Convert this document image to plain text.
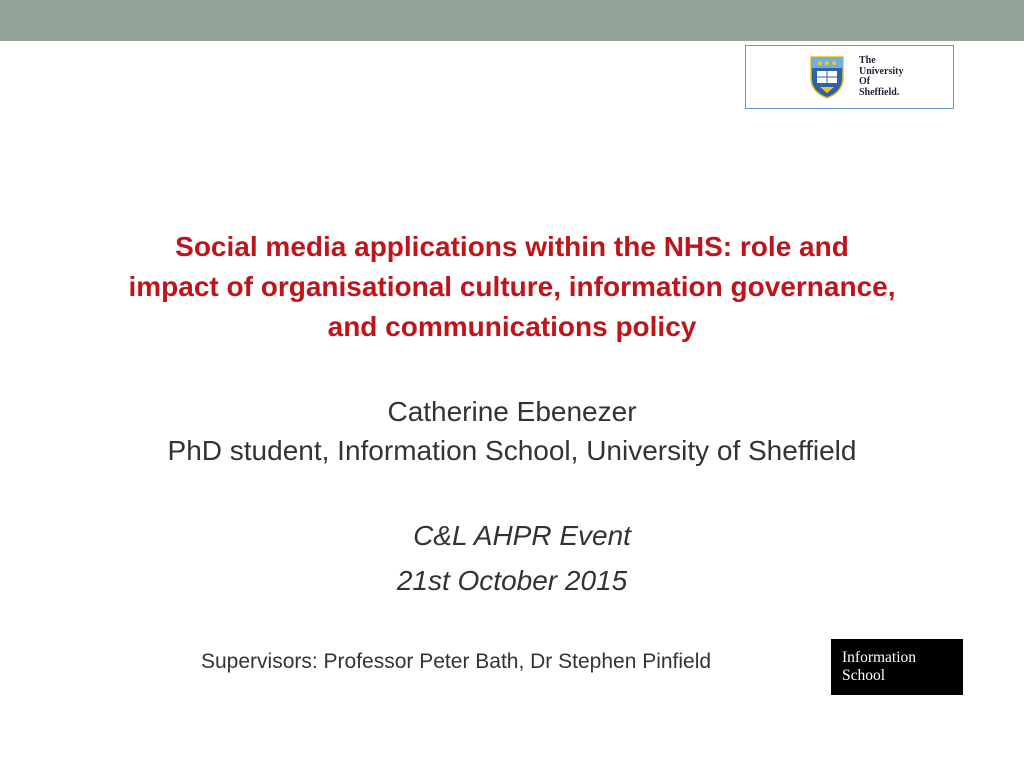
The
University
Of
Sheffield.
Social media applications within the NHS: role and
impact of organisational culture, information governance,
and communications policy
Catherine Ebenezer
PhD student, Information School, University of Sheffield
C&L AHPR Event
21st October 2015
Supervisors: Professor Peter Bath, Dr Stephen Pinfield	Information
School
